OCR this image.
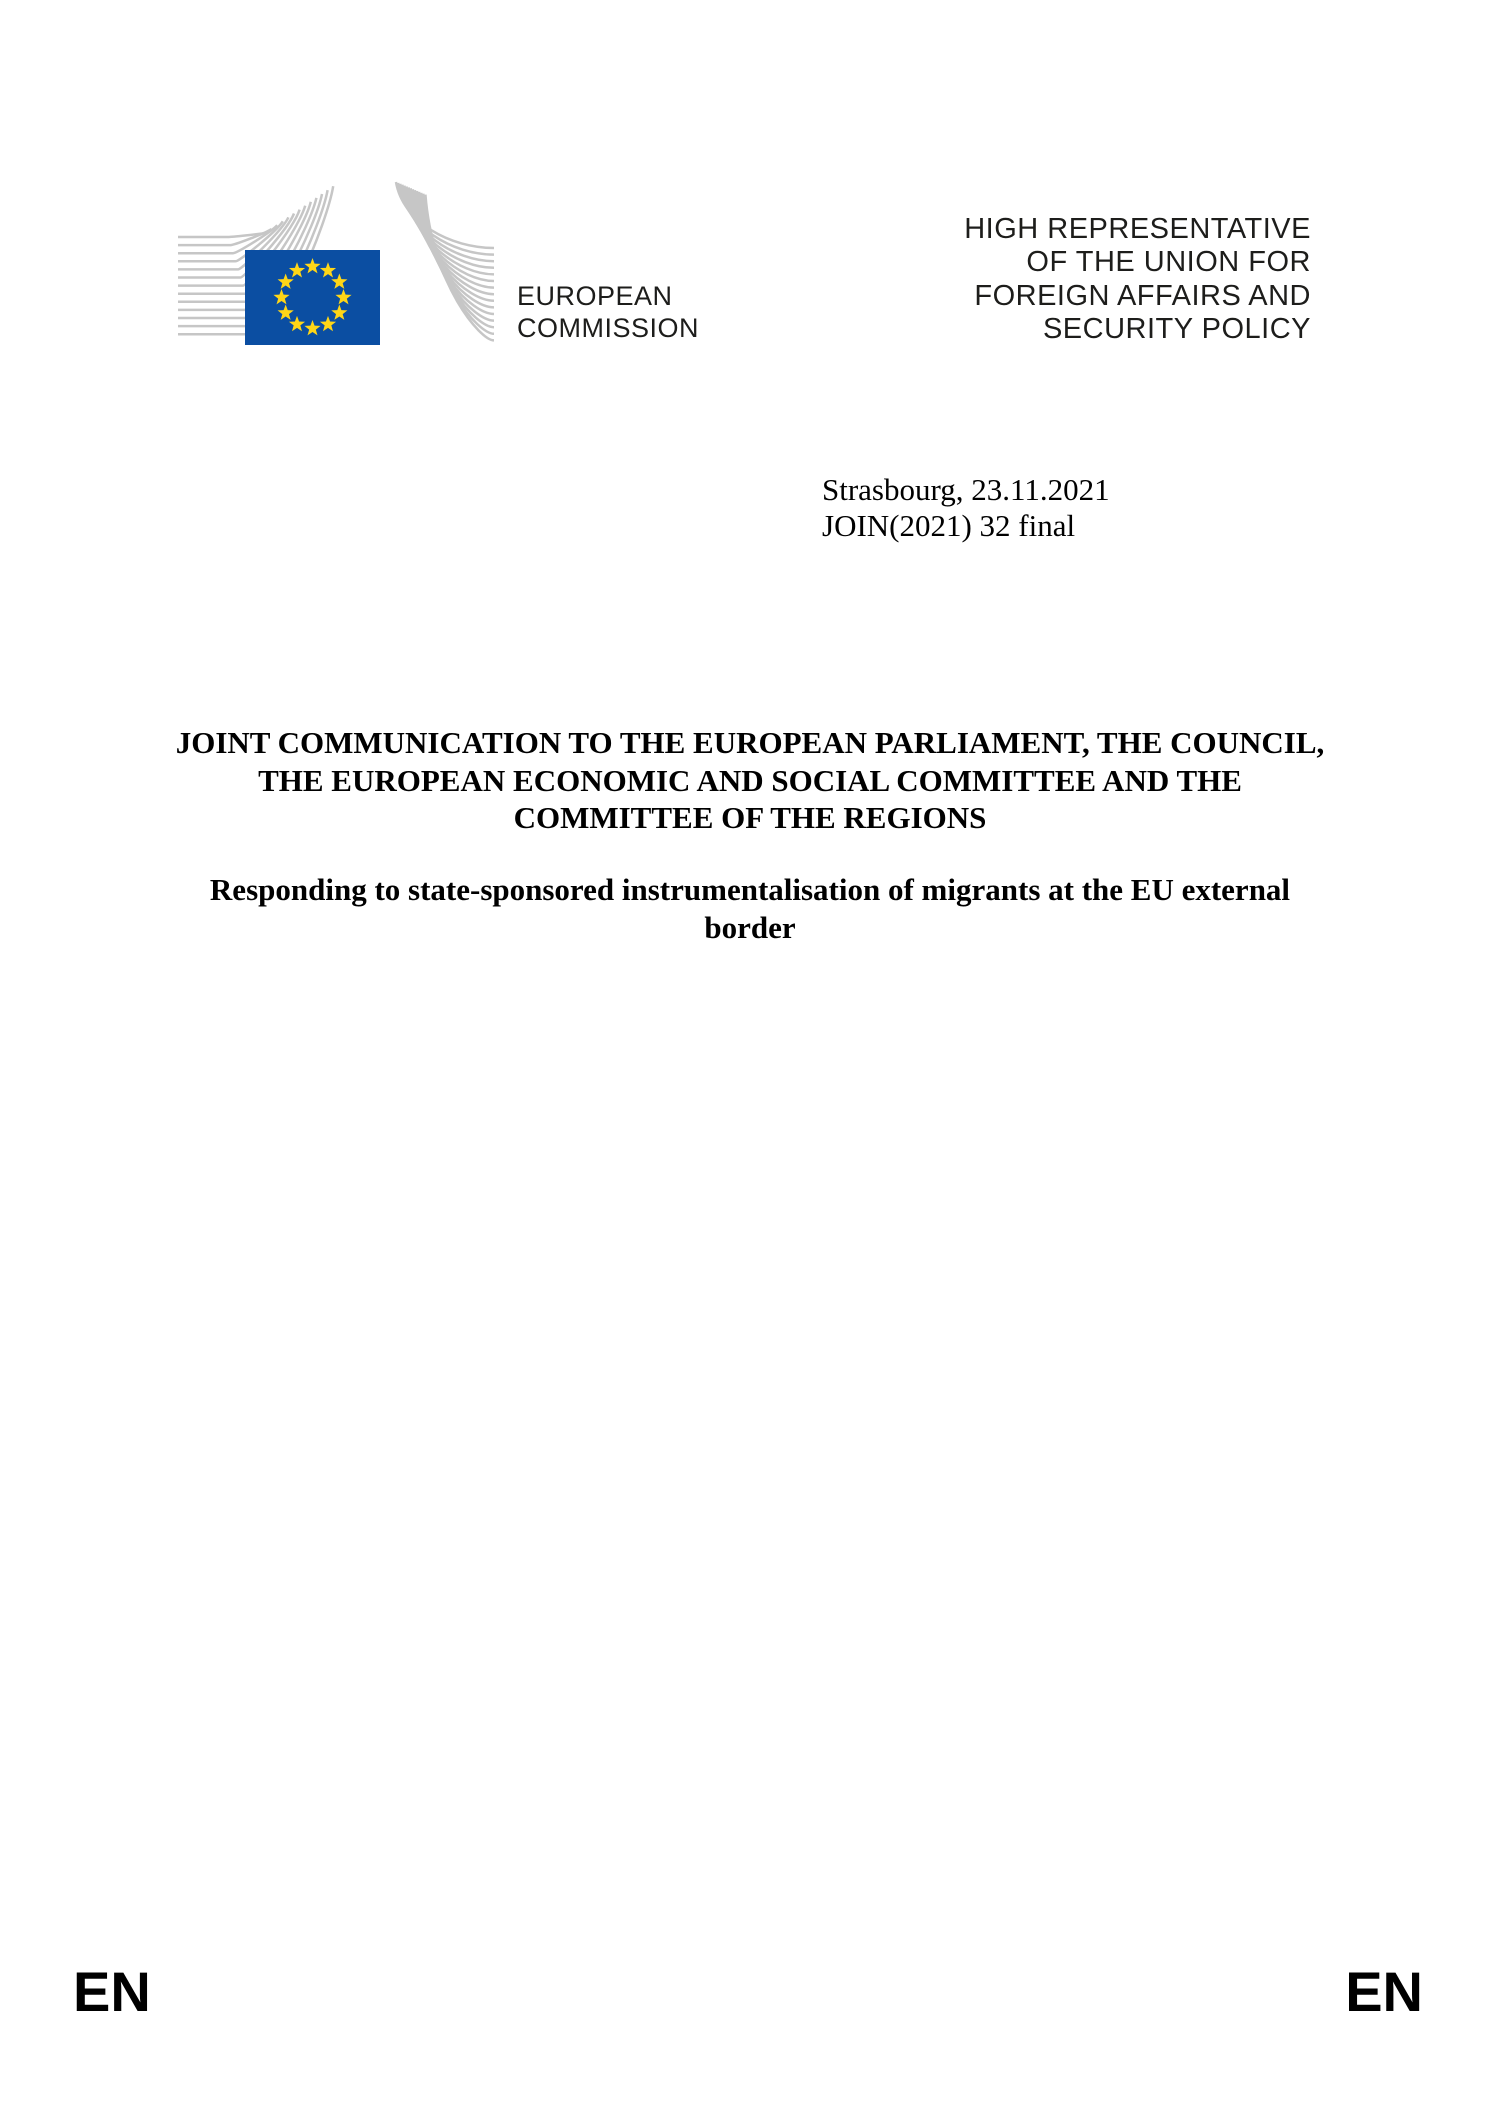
EUROPEAN
COMMISSION
HIGH REPRESENTATIVE
OF THE UNION FOR
FOREIGN AFFAIRS AND
SECURITY POLICY
Strasbourg, 23.11.2021
JOIN(2021) 32 final
JOINT COMMUNICATION TO THE EUROPEAN PARLIAMENT, THE COUNCIL,
THE EUROPEAN ECONOMIC AND SOCIAL COMMITTEE AND THE
COMMITTEE OF THE REGIONS
Responding to state-sponsored instrumentalisation of migrants at the EU external
border
EN	EN
